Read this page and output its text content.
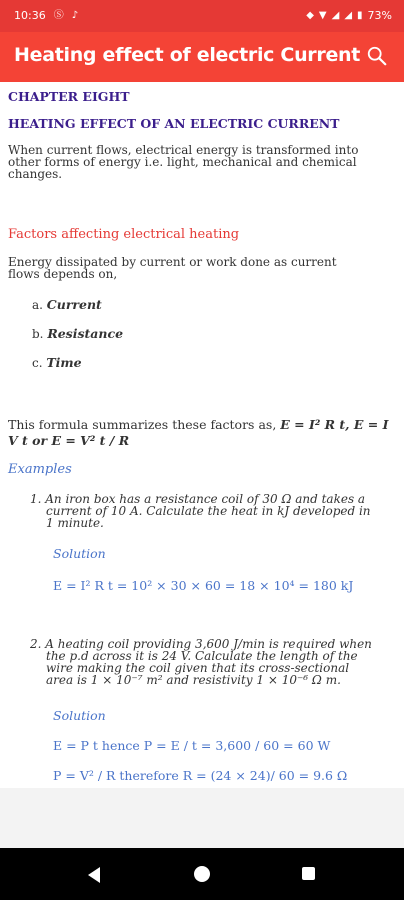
10:36 Ⓢ ♪	◆ ▼ ◢ ◢ ▮ 73%
Heating effect of electric Current
CHAPTER EIGHT
HEATING EFFECT OF AN ELECTRIC CURRENT
When current flows, electrical energy is transformed into
other forms of energy i.e. light, mechanical and chemical
changes.
Factors affecting electrical heating
Energy dissipated by current or work done as current
flows depends on,
a. Current
b. Resistance
c. Time
This formula summarizes these factors as, E = I² R t, E = I
V t or E = V² t / R
Examples
1. An iron box has a resistance coil of 30 Ω and takes a
current of 10 A. Calculate the heat in kJ developed in
1 minute.
Solution
E = I² R t = 10² × 30 × 60 = 18 × 10⁴ = 180 kJ
2. A heating coil providing 3,600 J/min is required when
the p.d across it is 24 V. Calculate the length of the
wire making the coil given that its cross-sectional
area is 1 × 10⁻⁷ m² and resistivity 1 × 10⁻⁶ Ω m.
Solution
E = P t hence P = E / t = 3,600 / 60 = 60 W
P = V² / R therefore R = (24 × 24)/ 60 = 9.6 Ω
